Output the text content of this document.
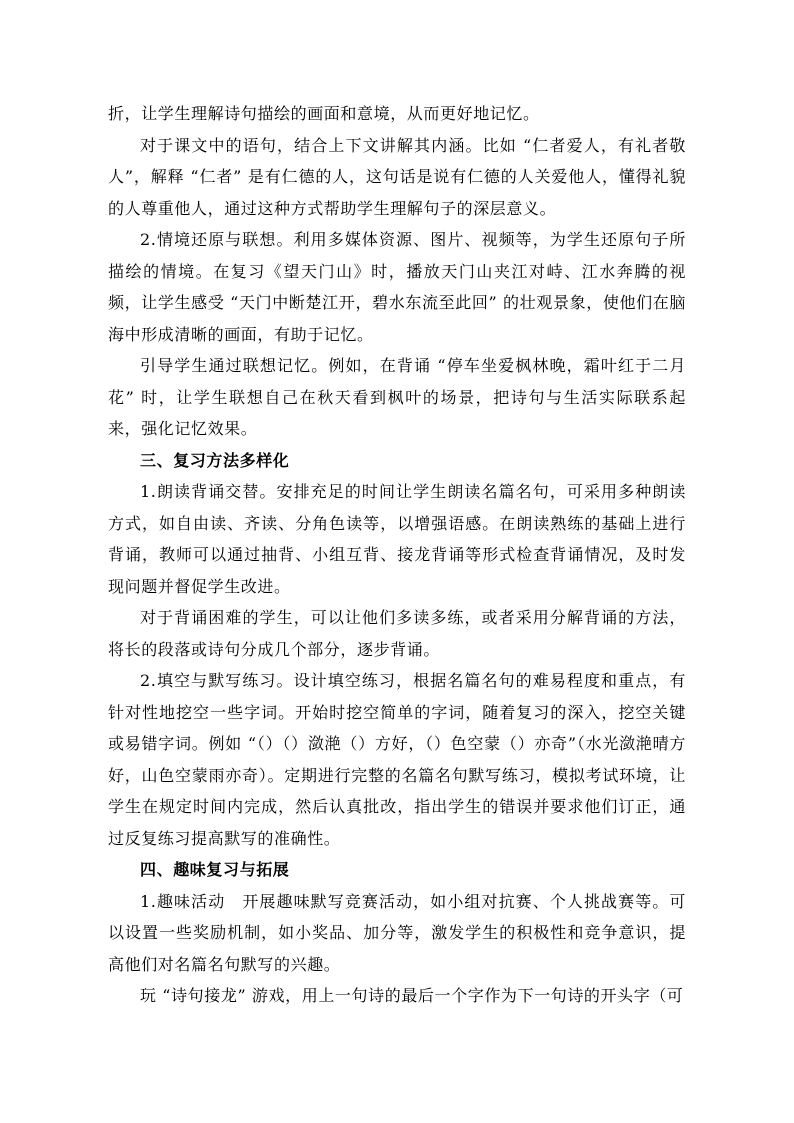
折，让学生理解诗句描绘的画面和意境，从而更好地记忆。

对于课文中的语句，结合上下文讲解其内涵。比如 “仁者爱人，有礼者敬人”，解释 “仁者” 是有仁德的人，这句话是说有仁德的人关爱他人，懂得礼貌的人尊重他人，通过这种方式帮助学生理解句子的深层意义。

2.情境还原与联想。利用多媒体资源、图片、视频等，为学生还原句子所描绘的情境。在复习《望天门山》时，播放天门山夹江对峙、江水奔腾的视频，让学生感受 “天门中断楚江开，碧水东流至此回” 的壮观景象，使他们在脑海中形成清晰的画面，有助于记忆。

引导学生通过联想记忆。例如，在背诵 “停车坐爱枫林晚，霜叶红于二月花” 时，让学生联想自己在秋天看到枫叶的场景，把诗句与生活实际联系起来，强化记忆效果。

三、复习方法多样化

1.朗读背诵交替。安排充足的时间让学生朗读名篇名句，可采用多种朗读方式，如自由读、齐读、分角色读等，以增强语感。在朗读熟练的基础上进行背诵，教师可以通过抽背、小组互背、接龙背诵等形式检查背诵情况，及时发现问题并督促学生改进。

对于背诵困难的学生，可以让他们多读多练，或者采用分解背诵的方法，将长的段落或诗句分成几个部分，逐步背诵。

2.填空与默写练习。设计填空练习，根据名篇名句的难易程度和重点，有针对性地挖空一些字词。开始时挖空简单的字词，随着复习的深入，挖空关键或易错字词。例如 “（）（）潋滟（）方好，（）色空蒙（）亦奇”（水光潋滟晴方好，山色空蒙雨亦奇）。定期进行完整的名篇名句默写练习，模拟考试环境，让学生在规定时间内完成，然后认真批改，指出学生的错误并要求他们订正，通过反复练习提高默写的准确性。

四、趣味复习与拓展

1.趣味活动　开展趣味默写竞赛活动，如小组对抗赛、个人挑战赛等。可以设置一些奖励机制，如小奖品、加分等，激发学生的积极性和竞争意识，提高他们对名篇名句默写的兴趣。

玩 “诗句接龙” 游戏，用上一句诗的最后一个字作为下一句诗的开头字（可
